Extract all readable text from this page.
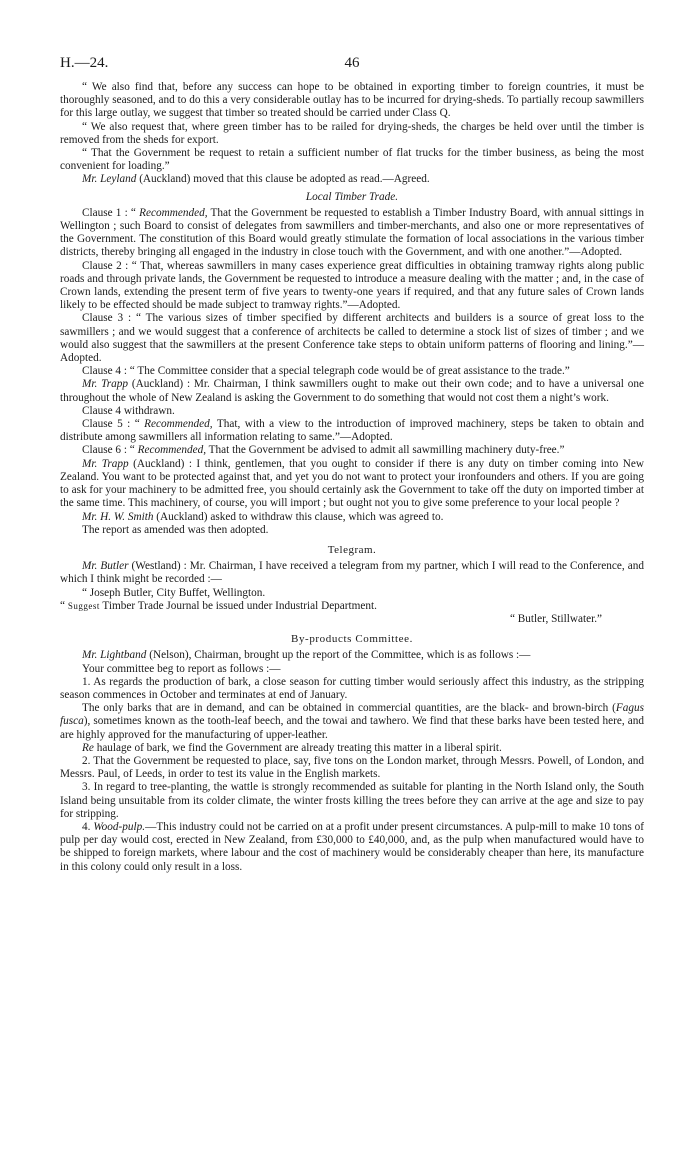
H.—24.	46

“ We also find that, before any success can hope to be obtained in exporting timber to foreign countries, it must be thoroughly seasoned, and to do this a very considerable outlay has to be incurred for drying-sheds. To partially recoup sawmillers for this large outlay, we suggest that timber so treated should be carried under Class Q.

“ We also request that, where green timber has to be railed for drying-sheds, the charges be held over until the timber is removed from the sheds for export.

“ That the Government be request to retain a sufficient number of flat trucks for the timber business, as being the most convenient for loading.”

Mr. Leyland (Auckland) moved that this clause be adopted as read.—Agreed.

Local Timber Trade.

Clause 1 : “ Recommended, That the Government be requested to establish a Timber Industry Board, with annual sittings in Wellington ; such Board to consist of delegates from sawmillers and timber-merchants, and also one or more representatives of the Government. The constitution of this Board would greatly stimulate the formation of local associations in the various timber districts, thereby bringing all engaged in the industry in close touch with the Government, and with one another.”—Adopted.

Clause 2 : “ That, whereas sawmillers in many cases experience great difficulties in obtaining tramway rights along public roads and through private lands, the Government be requested to introduce a measure dealing with the matter ; and, in the case of Crown lands, extending the present term of five years to twenty-one years if required, and that any future sales of Crown lands likely to be effected should be made subject to tramway rights.”—Adopted.

Clause 3 : “ The various sizes of timber specified by different architects and builders is a source of great loss to the sawmillers ; and we would suggest that a conference of architects be called to determine a stock list of sizes of timber ; and we would also suggest that the sawmillers at the present Conference take steps to obtain uniform patterns of flooring and lining.”—Adopted.

Clause 4 : “ The Committee consider that a special telegraph code would be of great assistance to the trade.”

Mr. Trapp (Auckland) : Mr. Chairman, I think sawmillers ought to make out their own code; and to have a universal one throughout the whole of New Zealand is asking the Government to do something that would not cost them a night’s work.

Clause 4 withdrawn.

Clause 5 : “ Recommended, That, with a view to the introduction of improved machinery, steps be taken to obtain and distribute among sawmillers all information relating to same.”—Adopted.

Clause 6 : “ Recommended, That the Government be advised to admit all sawmilling machinery duty-free.”

Mr. Trapp (Auckland) : I think, gentlemen, that you ought to consider if there is any duty on timber coming into New Zealand. You want to be protected against that, and yet you do not want to protect your ironfounders and others. If you are going to ask for your machinery to be admitted free, you should certainly ask the Government to take off the duty on imported timber at the same time. This machinery, of course, you will import ; but ought not you to give some preference to your local people ?

Mr. H. W. Smith (Auckland) asked to withdraw this clause, which was agreed to.

The report as amended was then adopted.

Telegram.

Mr. Butler (Westland) : Mr. Chairman, I have received a telegram from my partner, which I will read to the Conference, and which I think might be recorded :—

“ Joseph Butler, City Buffet, Wellington.

“ Suggest Timber Trade Journal be issued under Industrial Department.

“ Butler, Stillwater.”

By-products Committee.

Mr. Lightband (Nelson), Chairman, brought up the report of the Committee, which is as follows :—

Your committee beg to report as follows :—

1. As regards the production of bark, a close season for cutting timber would seriously affect this industry, as the stripping season commences in October and terminates at end of January.

The only barks that are in demand, and can be obtained in commercial quantities, are the black- and brown-birch (Fagus fusca), sometimes known as the tooth-leaf beech, and the towai and tawhero. We find that these barks have been tested here, and are highly approved for the manufacturing of upper-leather.

Re haulage of bark, we find the Government are already treating this matter in a liberal spirit.

2. That the Government be requested to place, say, five tons on the London market, through Messrs. Powell, of London, and Messrs. Paul, of Leeds, in order to test its value in the English markets.

3. In regard to tree-planting, the wattle is strongly recommended as suitable for planting in the North Island only, the South Island being unsuitable from its colder climate, the winter frosts killing the trees before they can arrive at the age and size to pay for stripping.

4. Wood-pulp.—This industry could not be carried on at a profit under present circumstances. A pulp-mill to make 10 tons of pulp per day would cost, erected in New Zealand, from £30,000 to £40,000, and, as the pulp when manufactured would have to be shipped to foreign markets, where labour and the cost of machinery would be considerably cheaper than here, its manufacture in this colony could only result in a loss.
